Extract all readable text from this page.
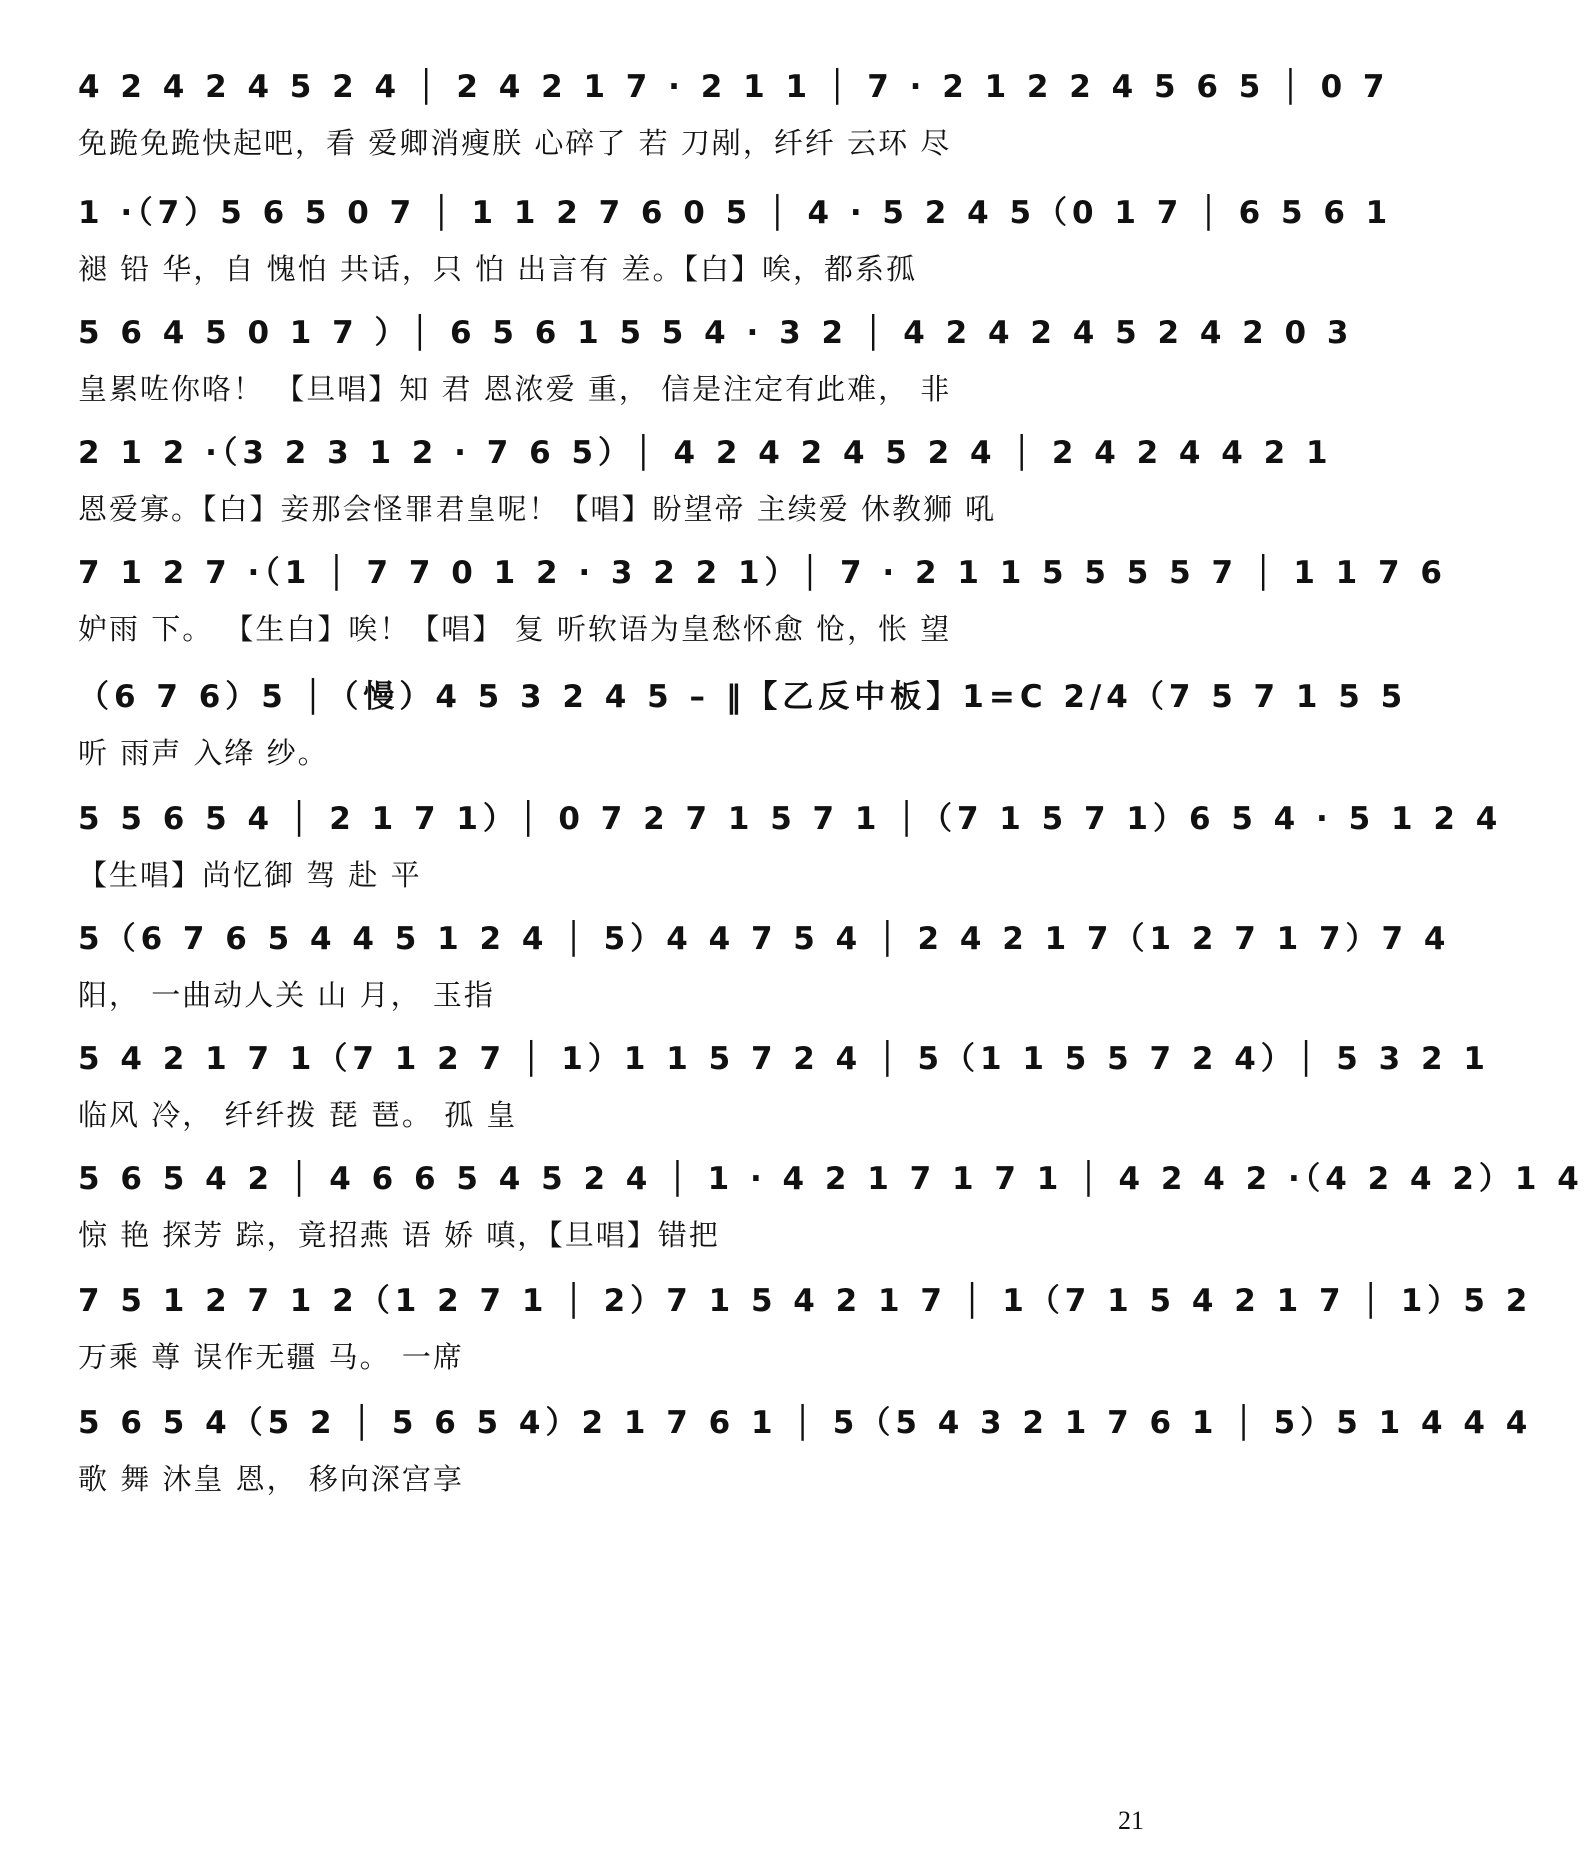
4 2 4 2 4 5 2 4 │ 2 4 2 1 7 · 2 1 1 │ 7 · 2 1 2 2 4 5 6 5 │ 0 7
免跪免跪快起吧，看 爱卿消瘦朕 心碎了 若 刀剐，纤纤 云环 尽
1 ·（7）5 6 5 0 7 │ 1 1 2 7 6 0 5 │ 4 · 5 2 4 5（0 1 7 │ 6 5 6 1
褪 铅 华，自 愧怕 共话，只 怕 出言有 差。【白】唉，都系孤
5 6 4 5 0 1 7 ）│ 6 5 6 1 5 5 4 · 3 2 │ 4 2 4 2 4 5 2 4 2 0 3
皇累咗你咯！ 【旦唱】知 君 恩浓爱 重， 信是注定有此难， 非
2 1 2 ·（3 2 3 1 2 · 7 6 5）│ 4 2 4 2 4 5 2 4 │ 2 4 2 4 4 2 1
恩爱寡。【白】妾那会怪罪君皇呢！【唱】盼望帝 主续爱 休教狮 吼
7 1 2 7 ·（1 │ 7 7 0 1 2 · 3 2 2 1）│ 7 · 2 1 1 5 5 5 5 7 │ 1 1 7 6
妒雨 下。 【生白】唉！【唱】 复 听软语为皇愁怀愈 怆，怅 望
（6 7 6）5 │（慢）4 5 3 2 4 5 – ‖【乙反中板】1=C 2/4（7 5 7 1 5 5
听 雨声 入绛 纱。
5 5 6 5 4 │ 2 1 7 1）│ 0 7 2 7 1 5 7 1 │（7 1 5 7 1）6 5 4 · 5 1 2 4
【生唱】尚忆御 驾 赴 平
5（6 7 6 5 4 4 5 1 2 4 │ 5）4 4 7 5 4 │ 2 4 2 1 7（1 2 7 1 7）7 4
阳， 一曲动人关 山 月， 玉指
5 4 2 1 7 1（7 1 2 7 │ 1）1 1 5 7 2 4 │ 5（1 1 5 5 7 2 4）│ 5 3 2 1
临风 冷， 纤纤拨 琵 琶。 孤 皇
5 6 5 4 2 │ 4 6 6 5 4 5 2 4 │ 1 · 4 2 1 7 1 7 1 │ 4 2 4 2 ·（4 2 4 2）1 4
惊 艳 探芳 踪，竟招燕 语 娇 嗔，【旦唱】错把
7 5 1 2 7 1 2（1 2 7 1 │ 2）7 1 5 4 2 1 7 │ 1（7 1 5 4 2 1 7 │ 1）5 2
万乘 尊 误作无疆 马。 一席
5 6 5 4（5 2 │ 5 6 5 4）2 1 7 6 1 │ 5（5 4 3 2 1 7 6 1 │ 5）5 1 4 4 4
歌 舞 沐皇 恩， 移向深宫享
21
